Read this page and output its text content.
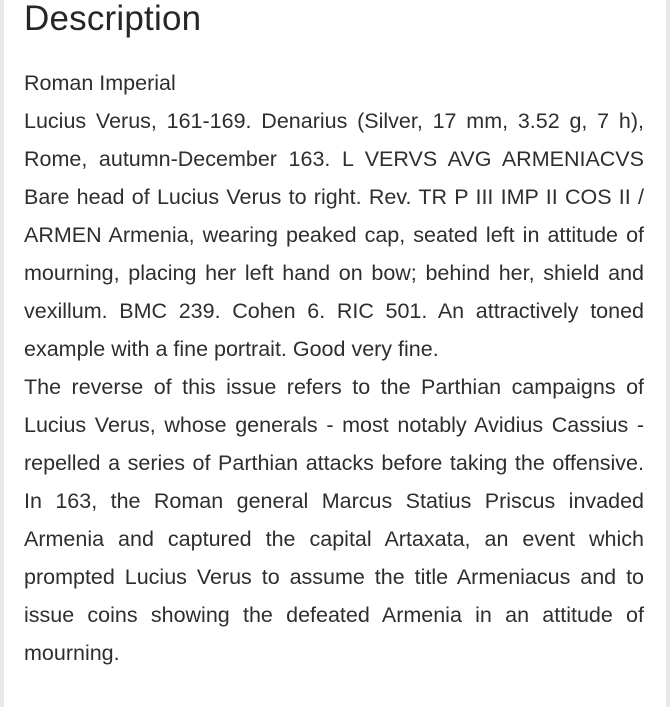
Description

Roman Imperial

Lucius Verus, 161-169. Denarius (Silver, 17 mm, 3.52 g, 7 h), Rome, autumn-December 163. L VERVS AVG ARMENIACVS Bare head of Lucius Verus to right. Rev. TR P III IMP II COS II / ARMEN Armenia, wearing peaked cap, seated left in attitude of mourning, placing her left hand on bow; behind her, shield and vexillum. BMC 239. Cohen 6. RIC 501. An attractively toned example with a fine portrait. Good very fine.

The reverse of this issue refers to the Parthian campaigns of Lucius Verus, whose generals - most notably Avidius Cassius - repelled a series of Parthian attacks before taking the offensive. In 163, the Roman general Marcus Statius Priscus invaded Armenia and captured the capital Artaxata, an event which prompted Lucius Verus to assume the title Armeniacus and to issue coins showing the defeated Armenia in an attitude of mourning.
